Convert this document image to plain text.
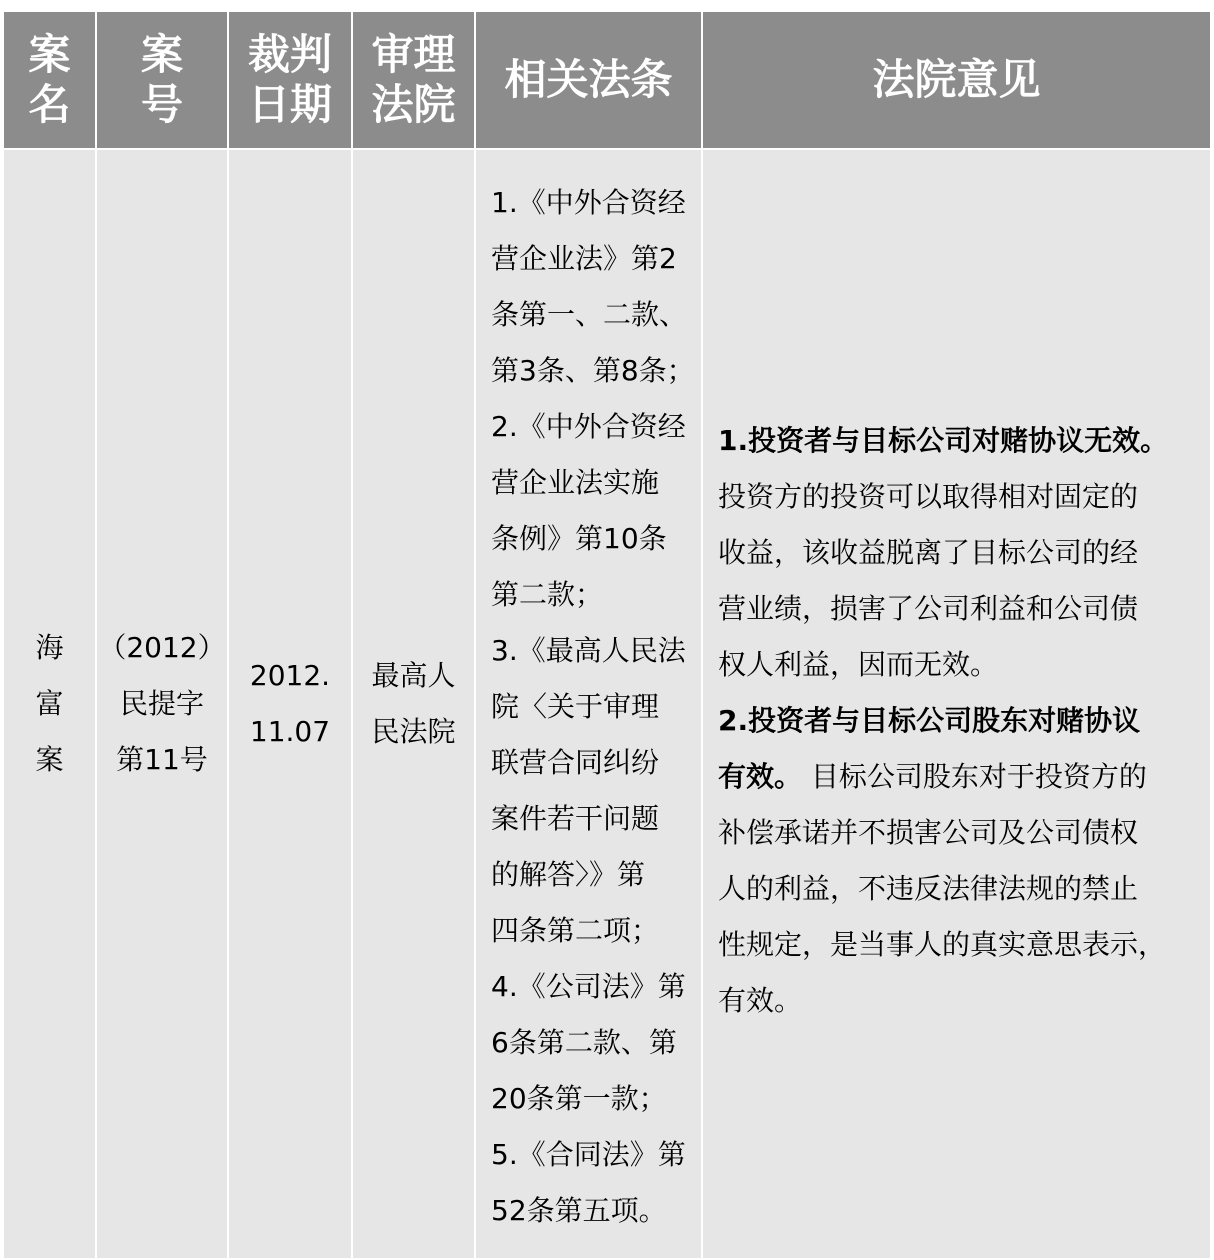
案
名
案
号
裁判
日期
审理
法院
相关法条	法院意见
海
富
案
（2012）
民提字
第11号
2012.
11.07
最高人
民法院
1.《中外合资经
营企业法》第2
条第一、二款、
第3条、第8条；
2.《中外合资经
营企业法实施
条例》第10条
第二款；
3.《最高人民法
院〈关于审理
联营合同纠纷
案件若干问题
的解答〉》第
四条第二项；
4.《公司法》第
6条第二款、第
20条第一款；
5.《合同法》第
52条第五项。
1.投资者与目标公司对赌协议无效。
投资方的投资可以取得相对固定的
收益，该收益脱离了目标公司的经
营业绩，损害了公司利益和公司债
权人利益，因而无效。
2.投资者与目标公司股东对赌协议
有效。 目标公司股东对于投资方的
补偿承诺并不损害公司及公司债权
人的利益，不违反法律法规的禁止
性规定，是当事人的真实意思表示，
有效。
